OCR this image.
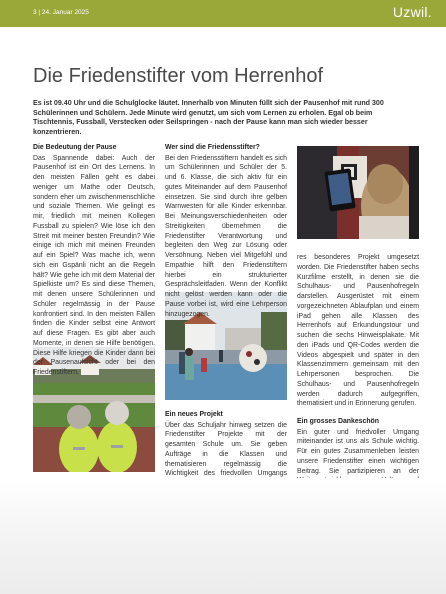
3 | 24. Januar 2025	Uzwil.
Die Friedenstifter vom Herrenhof

Es ist 09.40 Uhr und die Schulglocke läutet. Innerhalb von Minuten füllt sich der Pausenhof mit rund 300 Schülerinnen und Schülern. Jede Minute wird genutzt, um sich vom Lernen zu erholen. Egal ob beim Tischtennis, Fussball, Verstecken oder Seilspringen - nach der Pause kann man sich wieder besser konzentrieren.

Die Bedeutung der Pause

Das Spannende dabei: Auch der Pausenhof ist ein Ort des Lernens. In den meisten Fällen geht es dabei weniger um Mathe oder Deutsch, sondern eher um zwischenmenschliche und soziale Themen. Wie gelingt es mir, friedlich mit meinen Kollegen Fussball zu spielen? Wie löse ich den Streit mit meiner besten Freundin? Wie einige ich mich mit meinen Freunden auf ein Spiel? Was mache ich, wenn sich ein Gspänli nicht an die Regeln hält? Wie gehe ich mit dem Material der Spielkiste um? Es sind diese Themen, mit denen unsere Schülerinnen und Schüler regelmässig in der Pause konfrontiert sind. In den meisten Fällen finden die Kinder selbst eine Antwort auf diese Fragen. Es gibt aber auch Momente, in denen sie Hilfe benötigen. Diese Hilfe kriegen die Kinder dann bei der Pausenaufsicht oder bei den Friedenstiftern.

Wer sind die Friedensstifter?

Bei den Friedensstiftern handelt es sich um Schülerinnen und Schüler der 5. und 6. Klasse, die sich aktiv für ein gutes Miteinander auf dem Pausenhof einsetzen. Sie sind durch ihre gelben Warnwesten für alle Kinder erkennbar. Bei Meinungsverschiedenheiten oder Streitigkeiten übernehmen die Friedenstifter Verantwortung und begleiten den Weg zur Lösung oder Versöhnung. Neben viel Mitgefühl und Empathie hilft den Friedenstiftern hierbei ein strukturierter Gesprächsleitfaden. Wenn der Konflikt nicht gelöst werden kann oder die Pause vorbei ist, wird eine Lehrperson hinzugezogen.

Ein neues Projekt

Über das Schuljahr hinweg setzen die Friedenstifter Projekte mit der gesamten Schule um. Sie geben Aufträge in die Klassen und thematisieren regelmässig die Wichtigkeit des friedvollen Umgangs

res besonderes Projekt umgesetzt worden. Die Friedenstifter haben sechs Kurzfilme erstellt, in denen sie die Schulhaus- und Pausenhofregeln darstellen. Ausgerüstet mit einem vorgezeichneten Ablaufplan und einem iPad gehen alle Klassen des Herrenhofs auf Erkundungstour und suchen die sechs Hinweisplakate. Mit den iPads und QR-Codes werden die Videos abgespielt und später in den Klassenzimmern gemeinsam mit den Lehrpersonen besprochen. Die Schulhaus- und Pausenhofregeln werden dadurch aufgegriffen, thematisiert und in Erinnerung gerufen.

Ein grosses Dankeschön

Ein guter und friedvoller Umgang miteinander ist uns als Schule wichtig. Für ein gutes Zusammenleben leisten unsere Friedenstifter einen wichtigen Beitrag. Sie partizipieren an der
